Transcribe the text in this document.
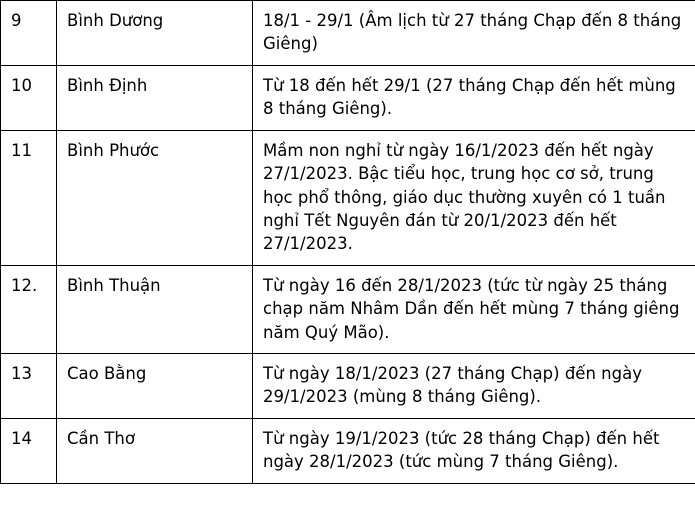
9	Bình Dương	18/1 - 29/1 (Âm lịch từ 27 tháng Chạp đến 8 tháng Giêng)
10	Bình Định	Từ 18 đến hết 29/1 (27 tháng Chạp đến hết mùng 8 tháng Giêng).
11	Bình Phước	Mầm non nghỉ từ ngày 16/1/2023 đến hết ngày 27/1/2023. Bậc tiểu học, trung học cơ sở, trung học phổ thông, giáo dục thường xuyên có 1 tuần nghỉ Tết Nguyên đán từ 20/1/2023 đến hết 27/1/2023.
12.	Bình Thuận	Từ ngày 16 đến 28/1/2023 (tức từ ngày 25 tháng chạp năm Nhâm Dần đến hết mùng 7 tháng giêng năm Quý Mão).
13	Cao Bằng	Từ ngày 18/1/2023 (27 tháng Chạp) đến ngày 29/1/2023 (mùng 8 tháng Giêng).
14	Cần Thơ	Từ ngày 19/1/2023 (tức 28 tháng Chạp) đến hết ngày 28/1/2023 (tức mùng 7 tháng Giêng).
